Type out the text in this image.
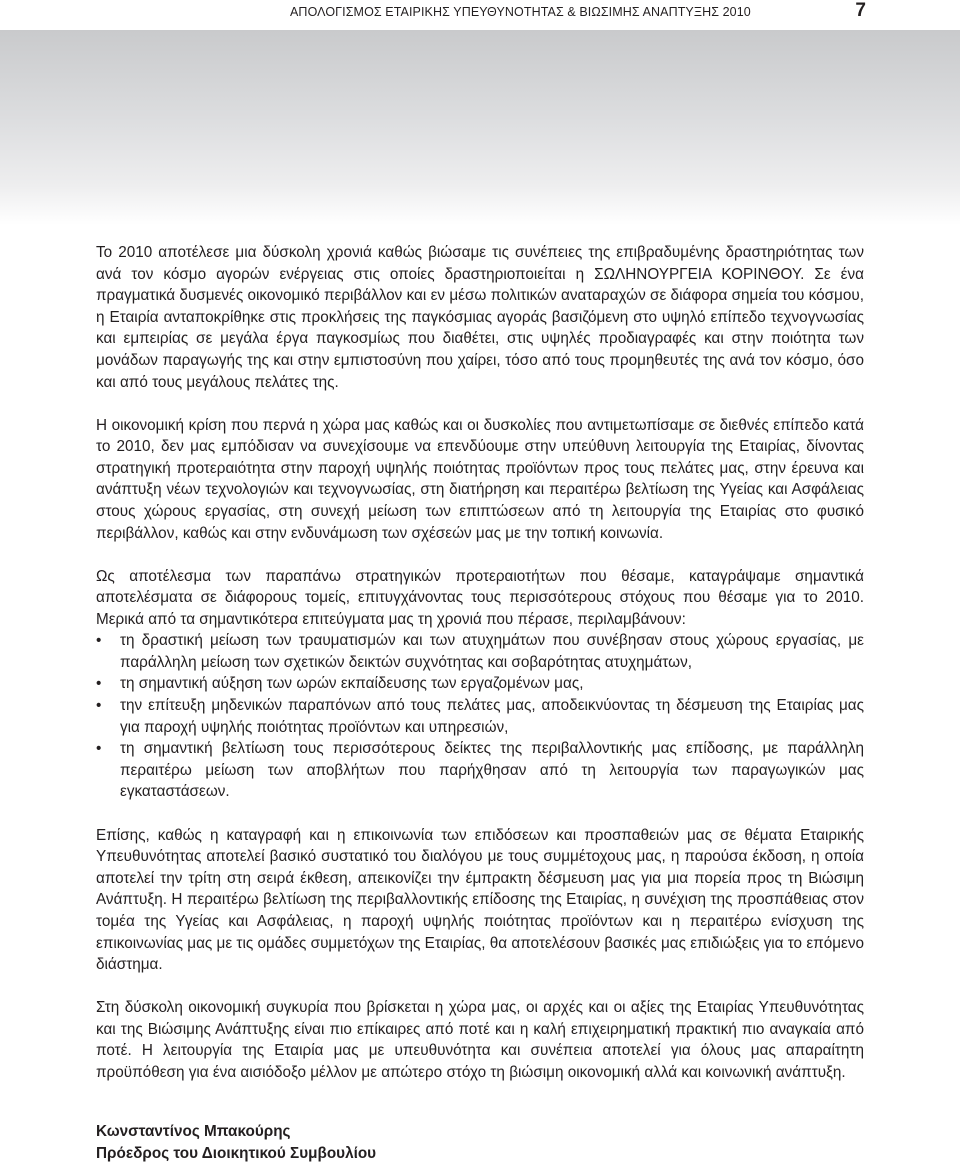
ΑΠΟΛΟΓΙΣΜΟΣ ΕΤΑΙΡΙΚΗΣ ΥΠΕΥΘΥΝΟΤΗΤΑΣ & ΒΙΩΣΙΜΗΣ ΑΝΑΠΤΥΞΗΣ 2010	7

Το 2010 αποτέλεσε μια δύσκολη χρονιά καθώς βιώσαμε τις συνέπειες της επιβραδυμένης δραστηριότητας των ανά τον κόσμο αγορών ενέργειας στις οποίες δραστηριοποιείται η ΣΩΛΗΝΟΥΡΓΕΙΑ ΚΟΡΙΝΘΟΥ. Σε ένα πραγματικά δυσμενές οικονομικό περιβάλλον και εν μέσω πολιτικών αναταραχών σε διάφορα σημεία του κόσμου, η Εταιρία ανταποκρίθηκε στις προκλήσεις της παγκόσμιας αγοράς βασιζόμενη στο υψηλό επίπεδο τεχνογνωσίας και εμπειρίας σε μεγάλα έργα παγκοσμίως που διαθέτει, στις υψηλές προδιαγραφές και στην ποιότητα των μονάδων παραγωγής της και στην εμπιστοσύνη που χαίρει, τόσο από τους προμηθευτές της ανά τον κόσμο, όσο και από τους μεγάλους πελάτες της.

Η οικονομική κρίση που περνά η χώρα μας καθώς και οι δυσκολίες που αντιμετωπίσαμε σε διεθνές επίπεδο κατά το 2010, δεν μας εμπόδισαν να συνεχίσουμε να επενδύουμε στην υπεύθυνη λειτουργία της Εταιρίας, δίνοντας στρατηγική προτεραιότητα στην παροχή υψηλής ποιότητας προϊόντων προς τους πελάτες μας, στην έρευνα και ανάπτυξη νέων τεχνολογιών και τεχνογνωσίας, στη διατήρηση και περαιτέρω βελτίωση της Υγείας και Ασφάλειας στους χώρους εργασίας, στη συνεχή μείωση των επιπτώσεων από τη λειτουργία της Εταιρίας στο φυσικό περιβάλλον, καθώς και στην ενδυνάμωση των σχέσεών μας με την τοπική κοινωνία.

Ως αποτέλεσμα των παραπάνω στρατηγικών προτεραιοτήτων που θέσαμε, καταγράψαμε σημαντικά αποτελέσματα σε διάφορους τομείς, επιτυγχάνοντας τους περισσότερους στόχους που θέσαμε για το 2010. Μερικά από τα σημαντικότερα επιτεύγματα μας τη χρονιά που πέρασε, περιλαμβάνουν:

• τη δραστική μείωση των τραυματισμών και των ατυχημάτων που συνέβησαν στους χώρους εργασίας, με παράλληλη μείωση των σχετικών δεικτών συχνότητας και σοβαρότητας ατυχημάτων,
• τη σημαντική αύξηση των ωρών εκπαίδευσης των εργαζομένων μας,
• την επίτευξη μηδενικών παραπόνων από τους πελάτες μας, αποδεικνύοντας τη δέσμευση της Εταιρίας μας για παροχή υψηλής ποιότητας προϊόντων και υπηρεσιών,
• τη σημαντική βελτίωση τους περισσότερους δείκτες της περιβαλλοντικής μας επίδοσης, με παράλληλη περαιτέρω μείωση των αποβλήτων που παρήχθησαν από τη λειτουργία των παραγωγικών μας εγκαταστάσεων.

Επίσης, καθώς η καταγραφή και η επικοινωνία των επιδόσεων και προσπαθειών μας σε θέματα Εταιρικής Υπευθυνότητας αποτελεί βασικό συστατικό του διαλόγου με τους συμμέτοχους μας, η παρούσα έκδοση, η οποία αποτελεί την τρίτη στη σειρά έκθεση, απεικονίζει την έμπρακτη δέσμευση μας για μια πορεία προς τη Βιώσιμη Ανάπτυξη. Η περαιτέρω βελτίωση της περιβαλλοντικής επίδοσης της Εταιρίας, η συνέχιση της προσπάθειας στον τομέα της Υγείας και Ασφάλειας, η παροχή υψηλής ποιότητας προϊόντων και η περαιτέρω ενίσχυση της επικοινωνίας μας με τις ομάδες συμμετόχων της Εταιρίας, θα αποτελέσουν βασικές μας επιδιώξεις για το επόμενο διάστημα.

Στη δύσκολη οικονομική συγκυρία που βρίσκεται η χώρα μας, οι αρχές και οι αξίες της Εταιρίας Υπευθυνότητας και της Βιώσιμης Ανάπτυξης είναι πιο επίκαιρες από ποτέ και η καλή επιχειρηματική πρακτική πιο αναγκαία από ποτέ. Η λειτουργία της Εταιρία μας με υπευθυνότητα και συνέπεια αποτελεί για όλους μας απαραίτητη προϋπόθεση για ένα αισιόδοξο μέλλον με απώτερο στόχο τη βιώσιμη οικονομική αλλά και κοινωνική ανάπτυξη.

Κωνσταντίνος Μπακούρης
Πρόεδρος του Διοικητικού Συμβουλίου
